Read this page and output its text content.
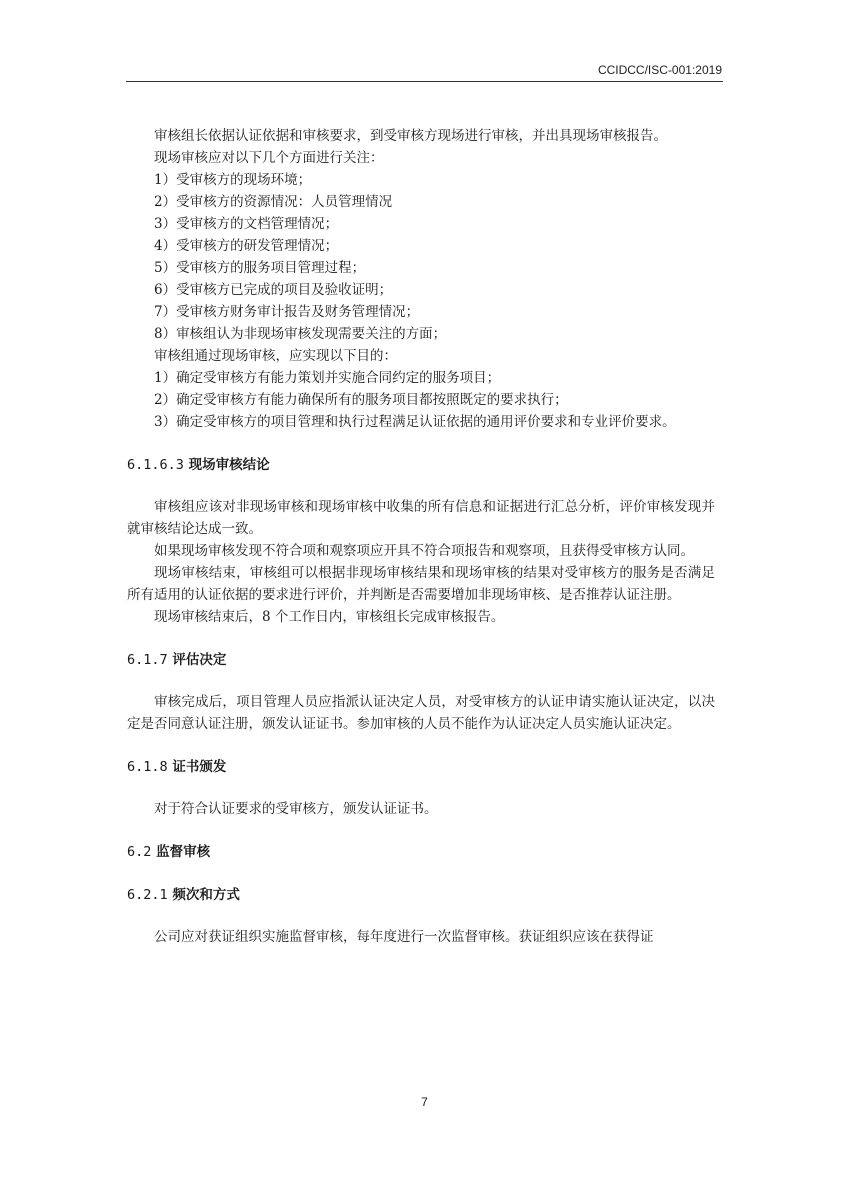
CCIDCC/ISC-001:2019

审核组长依据认证依据和审核要求，到受审核方现场进行审核，并出具现场审核报告。

现场审核应对以下几个方面进行关注：

1）受审核方的现场环境；

2）受审核方的资源情况：人员管理情况

3）受审核方的文档管理情况；

4）受审核方的研发管理情况；

5）受审核方的服务项目管理过程；

6）受审核方已完成的项目及验收证明；

7）受审核方财务审计报告及财务管理情况；

8）审核组认为非现场审核发现需要关注的方面；

审核组通过现场审核，应实现以下目的：

1）确定受审核方有能力策划并实施合同约定的服务项目；

2）确定受审核方有能力确保所有的服务项目都按照既定的要求执行；

3）确定受审核方的项目管理和执行过程满足认证依据的通用评价要求和专业评价要求。

6.1.6.3 现场审核结论

审核组应该对非现场审核和现场审核中收集的所有信息和证据进行汇总分析，评价审核发现并就审核结论达成一致。

如果现场审核发现不符合项和观察项应开具不符合项报告和观察项，且获得受审核方认同。

现场审核结束，审核组可以根据非现场审核结果和现场审核的结果对受审核方的服务是否满足所有适用的认证依据的要求进行评价，并判断是否需要增加非现场审核、是否推荐认证注册。

现场审核结束后，8 个工作日内，审核组长完成审核报告。

6.1.7 评估决定

审核完成后，项目管理人员应指派认证决定人员，对受审核方的认证申请实施认证决定，以决定是否同意认证注册，颁发认证证书。参加审核的人员不能作为认证决定人员实施认证决定。

6.1.8 证书颁发

对于符合认证要求的受审核方，颁发认证证书。

6.2 监督审核
6.2.1 频次和方式

公司应对获证组织实施监督审核，每年度进行一次监督审核。获证组织应该在获得证

7
